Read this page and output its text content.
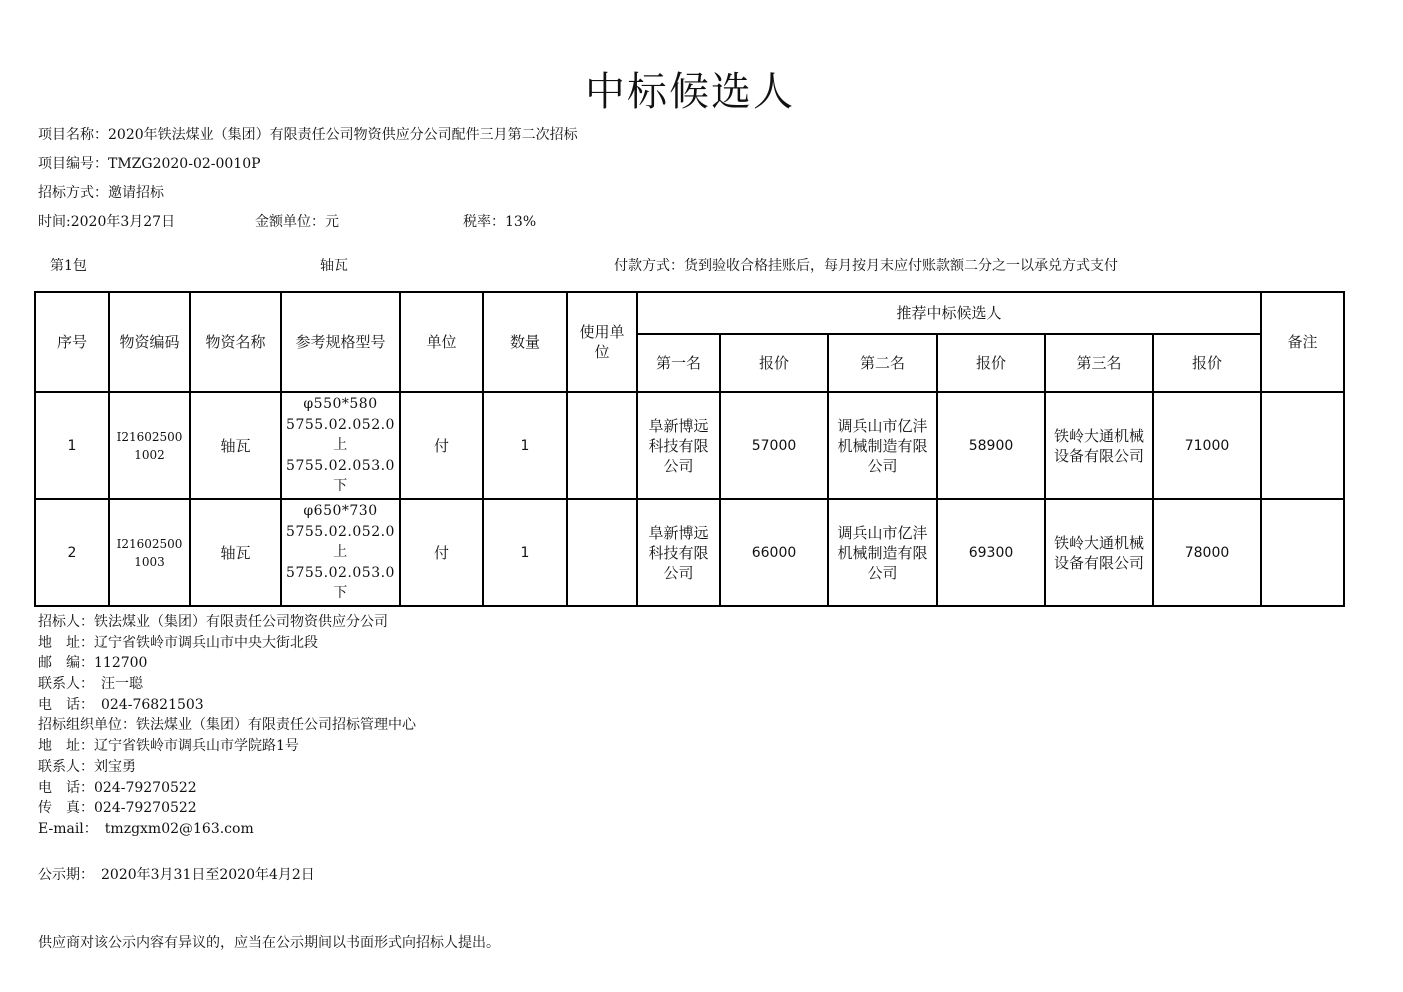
中标候选人
项目名称：2020年铁法煤业（集团）有限责任公司物资供应分公司配件三月第二次招标
项目编号：TMZG2020-02-0010P
招标方式：邀请招标
时间:2020年3月27日	金额单位：元	税率：13%
第1包	轴瓦	付款方式：货到验收合格挂账后，每月按月末应付账款额二分之一以承兑方式支付
序号	物资编码	物资名称	参考规格型号	单位	数量	使用单位	推荐中标候选人						备注
							第一名	报价	第二名	报价	第三名	报价	
1	I21602500
1002	轴瓦	φ550*580
5755.02.052.0
上
5755.02.053.0
下	付	1		阜新博远
科技有限
公司	57000	调兵山市亿沣
机械制造有限
公司	58900	铁岭大通机械
设备有限公司	71000	
2	I21602500
1003	轴瓦	φ650*730
5755.02.052.0
上
5755.02.053.0
下	付	1		阜新博远
科技有限
公司	66000	调兵山市亿沣
机械制造有限
公司	69300	铁岭大通机械
设备有限公司	78000	
招标人：铁法煤业（集团）有限责任公司物资供应分公司
地　址：辽宁省铁岭市调兵山市中央大街北段
邮　编：112700
联系人：　汪一聪
电　话：　024-76821503
招标组织单位：铁法煤业（集团）有限责任公司招标管理中心
地　址：辽宁省铁岭市调兵山市学院路1号
联系人：刘宝勇
电　话：024-79270522
传　真：024-79270522
E-mail：　tmzgxm02@163.com
公示期：　2020年3月31日至2020年4月2日
供应商对该公示内容有异议的，应当在公示期间以书面形式向招标人提出。
